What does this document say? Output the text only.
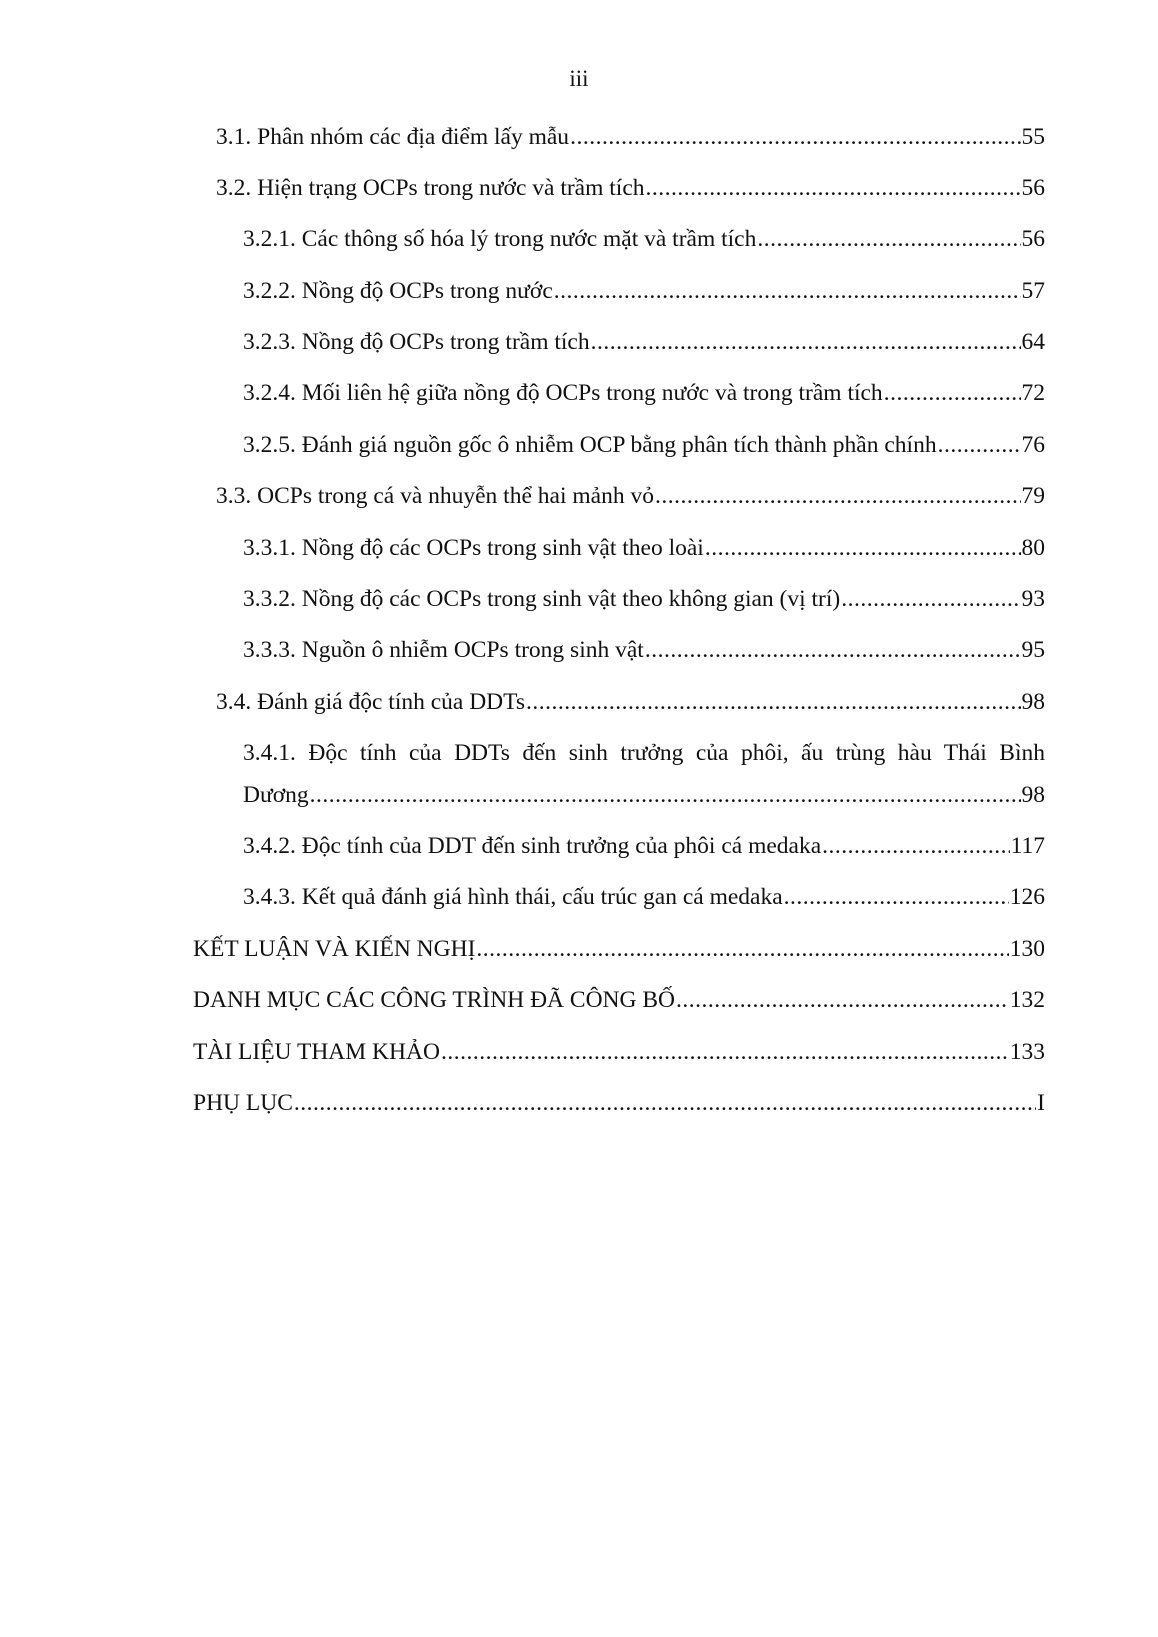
iii
3.1. Phân nhóm các địa điểm lấy mẫu .....	55
3.2. Hiện trạng OCPs trong nước và trầm tích .....	56
3.2.1. Các thông số hóa lý trong nước mặt và trầm tích .....	56
3.2.2. Nồng độ OCPs trong nước .....	57
3.2.3. Nồng độ OCPs trong trầm tích .....	64
3.2.4. Mối liên hệ giữa nồng độ OCPs trong nước và trong trầm tích .....	72
3.2.5. Đánh giá nguồn gốc ô nhiễm OCP bằng phân tích thành phần chính .....	76
3.3. OCPs trong cá và nhuyễn thể hai mảnh vỏ .....	79
3.3.1. Nồng độ các OCPs trong sinh vật theo loài .....	80
3.3.2. Nồng độ các OCPs trong sinh vật theo không gian (vị trí) .....	93
3.3.3. Nguồn ô nhiễm OCPs trong sinh vật .....	95
3.4. Đánh giá độc tính của DDTs .....	98
3.4.1. Độc tính của DDTs đến sinh trưởng của phôi, ấu trùng hàu Thái Bình
Dương .....	98
3.4.2. Độc tính của DDT đến sinh trưởng của phôi cá medaka .....	117
3.4.3. Kết quả đánh giá hình thái, cấu trúc gan cá medaka .....	126
KẾT LUẬN VÀ KIẾN NGHỊ .....	130
DANH MỤC CÁC CÔNG TRÌNH ĐÃ CÔNG BỐ .....	132
TÀI LIỆU THAM KHẢO .....	133
PHỤ LỤC .....	I
